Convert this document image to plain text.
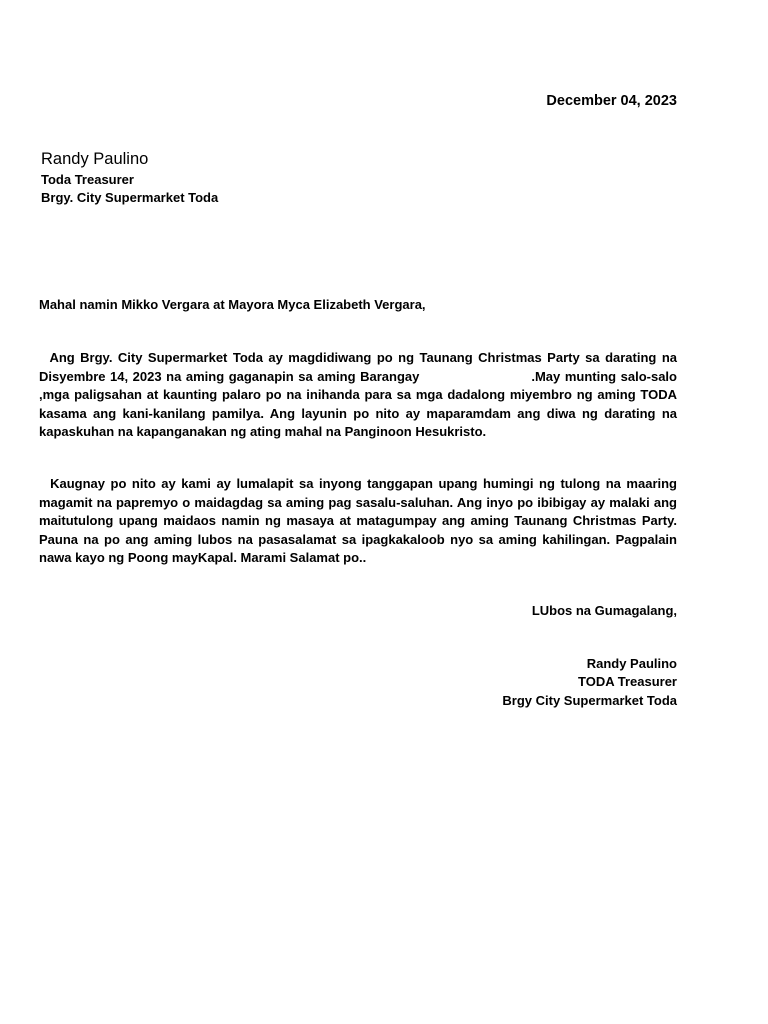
December 04, 2023
Randy Paulino
Toda Treasurer
Brgy. City Supermarket Toda
Mahal namin Mikko Vergara at Mayora Myca Elizabeth Vergara,

Ang Brgy. City Supermarket Toda ay magdidiwang po ng Taunang Christmas Party sa darating na Disyembre 14, 2023 na aming gaganapin sa aming Barangay	.May munting salo-salo ,mga paligsahan at kaunting palaro po na inihanda para sa mga dadalong miyembro ng aming TODA kasama ang kani-kanilang pamilya. Ang layunin po nito ay maparamdam ang diwa ng darating na kapaskuhan na kapanganakan ng ating mahal na Panginoon Hesukristo.

Kaugnay po nito ay kami ay lumalapit sa inyong tanggapan upang humingi ng tulong na maaring magamit na papremyo o maidagdag sa aming pag sasalu-saluhan. Ang inyo po ibibigay ay malaki ang maitutulong upang maidaos namin ng masaya at matagumpay ang aming Taunang Christmas Party. Pauna na po ang aming lubos na pasasalamat sa ipagkakaloob nyo sa aming kahilingan. Pagpalain nawa kayo ng Poong mayKapal. Marami Salamat po..

LUbos na Gumagalang,
Randy Paulino
TODA Treasurer
Brgy City Supermarket Toda
